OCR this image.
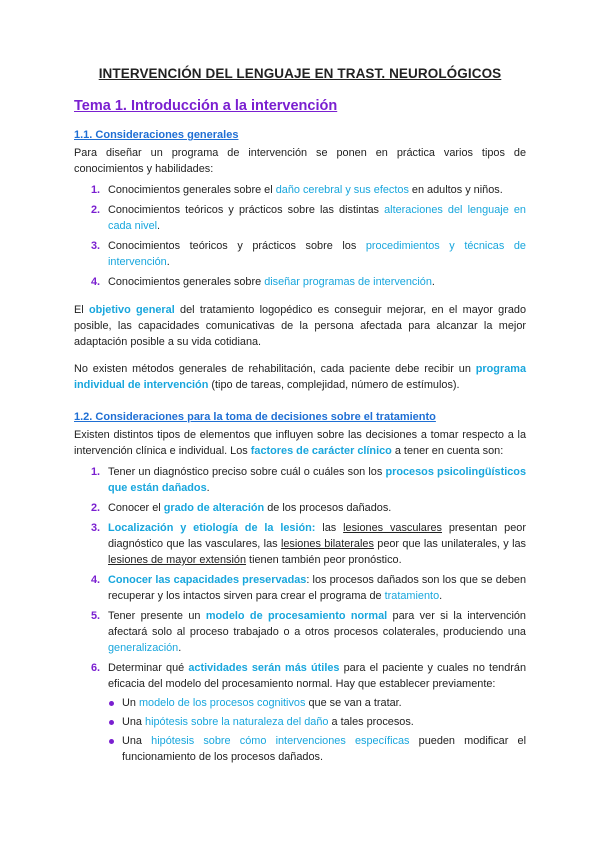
INTERVENCIÓN DEL LENGUAJE EN TRAST. NEUROLÓGICOS
Tema 1. Introducción a la intervención
1.1. Consideraciones generales

Para diseñar un programa de intervención se ponen en práctica varios tipos de conocimientos y habilidades:

1. Conocimientos generales sobre el daño cerebral y sus efectos en adultos y niños.
2. Conocimientos teóricos y prácticos sobre las distintas alteraciones del lenguaje en cada nivel.
3. Conocimientos teóricos y prácticos sobre los procedimientos y técnicas de intervención.
4. Conocimientos generales sobre diseñar programas de intervención.

El objetivo general del tratamiento logopédico es conseguir mejorar, en el mayor grado posible, las capacidades comunicativas de la persona afectada para alcanzar la mejor adaptación posible a su vida cotidiana.

No existen métodos generales de rehabilitación, cada paciente debe recibir un programa individual de intervención (tipo de tareas, complejidad, número de estímulos).

1.2. Consideraciones para la toma de decisiones sobre el tratamiento

Existen distintos tipos de elementos que influyen sobre las decisiones a tomar respecto a la intervención clínica e individual. Los factores de carácter clínico a tener en cuenta son:

1. Tener un diagnóstico preciso sobre cuál o cuáles son los procesos psicolingüísticos que están dañados.
2. Conocer el grado de alteración de los procesos dañados.
3. Localización y etiología de la lesión: las lesiones vasculares presentan peor diagnóstico que las vasculares, las lesiones bilaterales peor que las unilaterales, y las lesiones de mayor extensión tienen también peor pronóstico.
4. Conocer las capacidades preservadas: los procesos dañados son los que se deben recuperar y los intactos sirven para crear el programa de tratamiento.
5. Tener presente un modelo de procesamiento normal para ver si la intervención afectará solo al proceso trabajado o a otros procesos colaterales, produciendo una generalización.
6. Determinar qué actividades serán más útiles para el paciente y cuales no tendrán eficacia del modelo del procesamiento normal. Hay que establecer previamente:
Un modelo de los procesos cognitivos que se van a tratar.
Una hipótesis sobre la naturaleza del daño a tales procesos.
Una hipótesis sobre cómo intervenciones específicas pueden modificar el funcionamiento de los procesos dañados.
